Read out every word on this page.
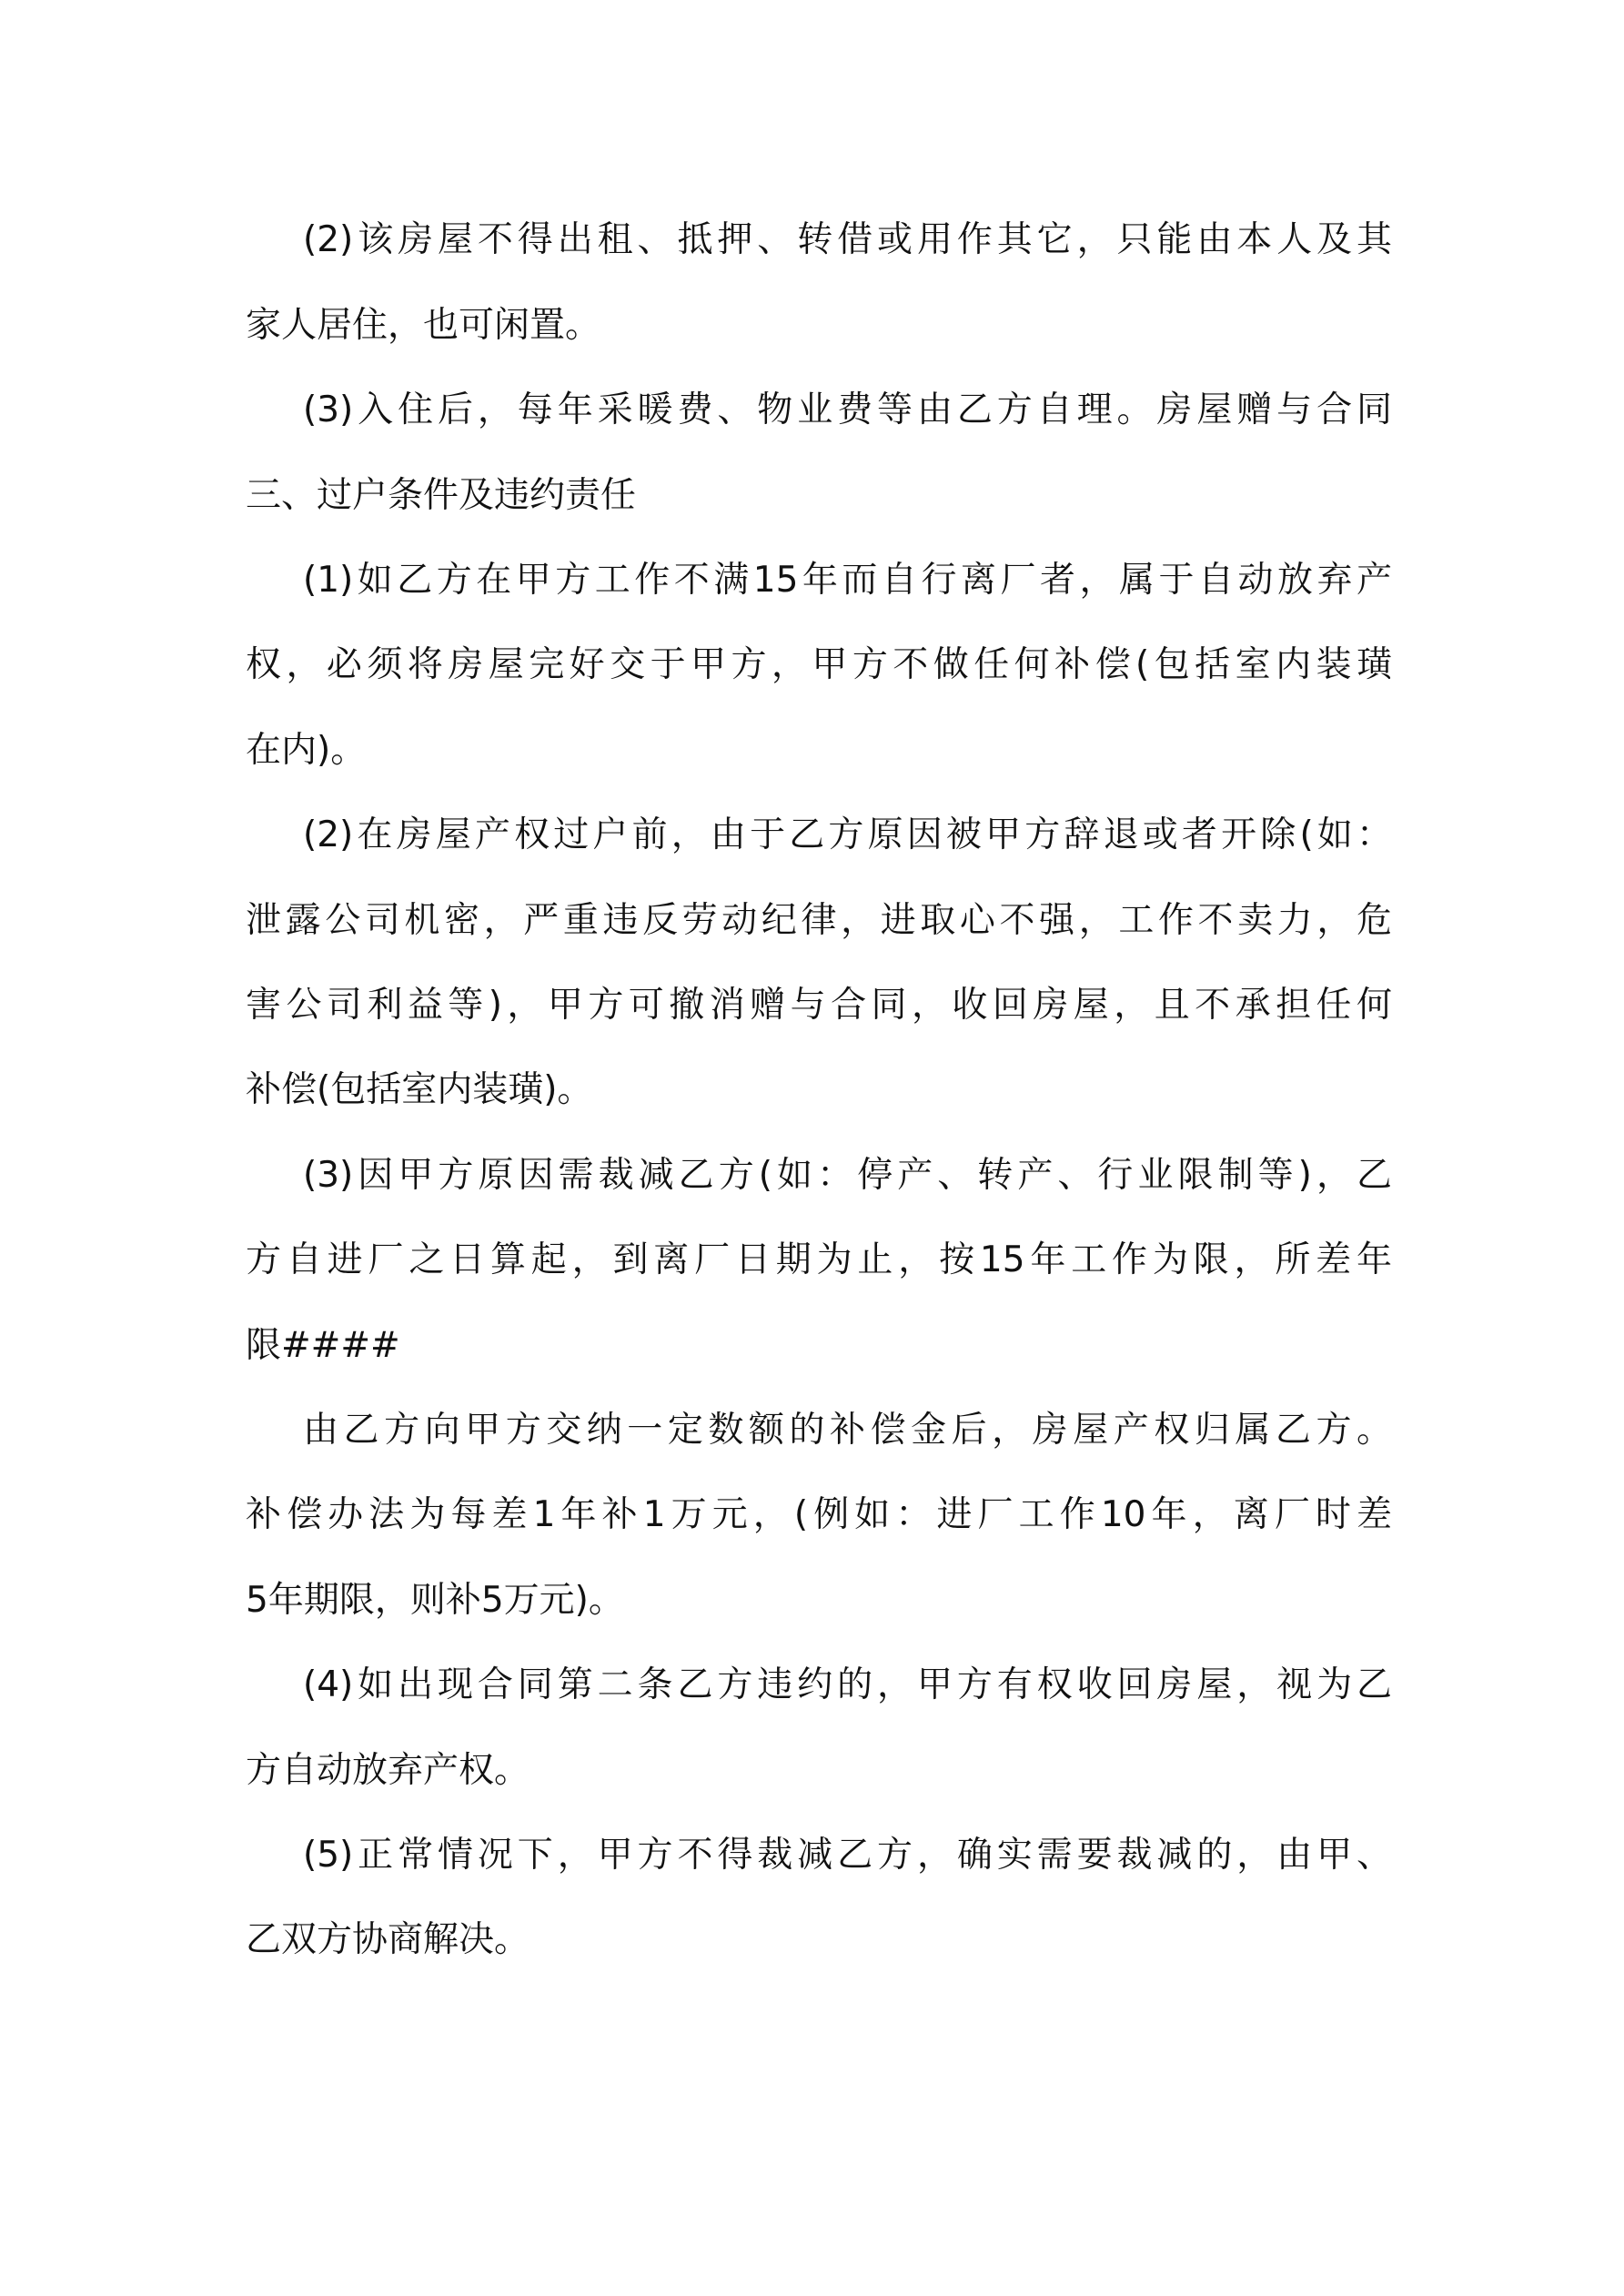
(2)该房屋不得出租、抵押、转借或用作其它，只能由本人及其

家人居住，也可闲置。

(3)入住后，每年采暖费、物业费等由乙方自理。房屋赠与合同

三、过户条件及违约责任

(1)如乙方在甲方工作不满15年而自行离厂者，属于自动放弃产

权，必须将房屋完好交于甲方，甲方不做任何补偿(包括室内装璜

在内)。

(2)在房屋产权过户前，由于乙方原因被甲方辞退或者开除(如：

泄露公司机密，严重违反劳动纪律，进取心不强，工作不卖力，危

害公司利益等)，甲方可撤消赠与合同，收回房屋，且不承担任何

补偿(包括室内装璜)。

(3)因甲方原因需裁减乙方(如：停产、转产、行业限制等)，乙

方自进厂之日算起，到离厂日期为止，按15年工作为限，所差年

限####

由乙方向甲方交纳一定数额的补偿金后，房屋产权归属乙方。

补偿办法为每差1年补1万元，(例如：进厂工作10年，离厂时差

5年期限，则补5万元)。

(4)如出现合同第二条乙方违约的，甲方有权收回房屋，视为乙

方自动放弃产权。

(5)正常情况下，甲方不得裁减乙方，确实需要裁减的，由甲、

乙双方协商解决。
